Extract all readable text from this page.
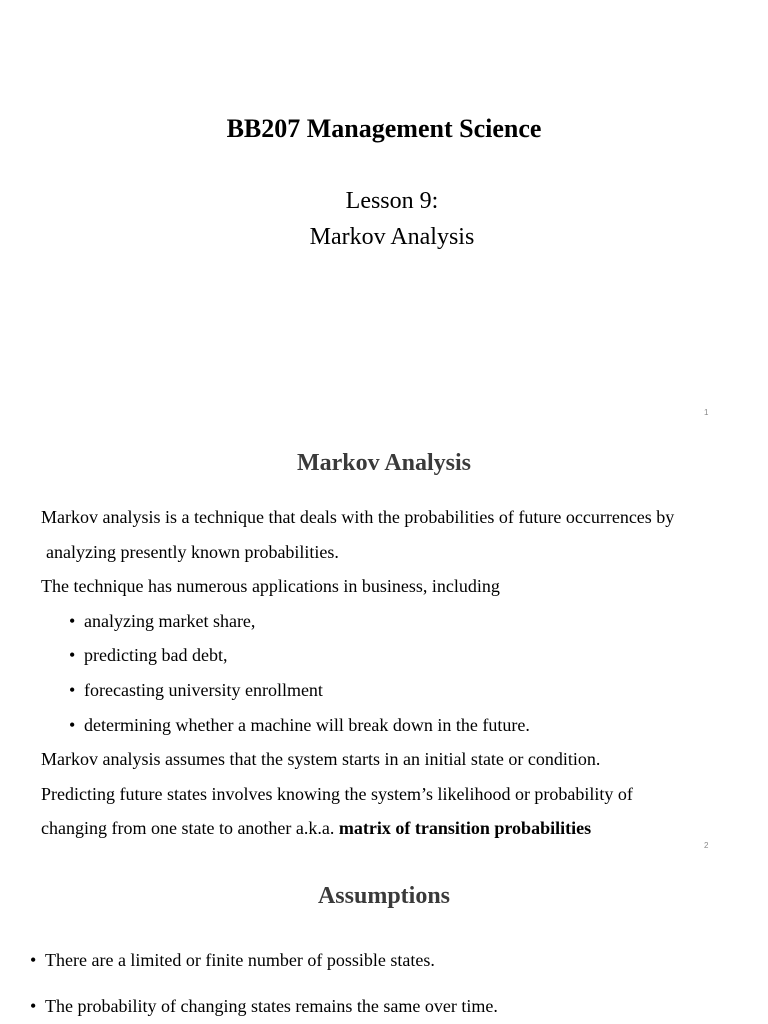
BB207 Management Science
Lesson 9:
Markov Analysis
1
Markov Analysis
Markov analysis is a technique that deals with the probabilities of future occurrences by
analyzing presently known probabilities.
The technique has numerous applications in business, including
• analyzing market share,
• predicting bad debt,
• forecasting university enrollment
• determining whether a machine will break down in the future.
Markov analysis assumes that the system starts in an initial state or condition.
Predicting future states involves knowing the system’s likelihood or probability of
changing from one state to another a.k.a. matrix of transition probabilities
2
Assumptions
• There are a limited or finite number of possible states.
• The probability of changing states remains the same over time.
